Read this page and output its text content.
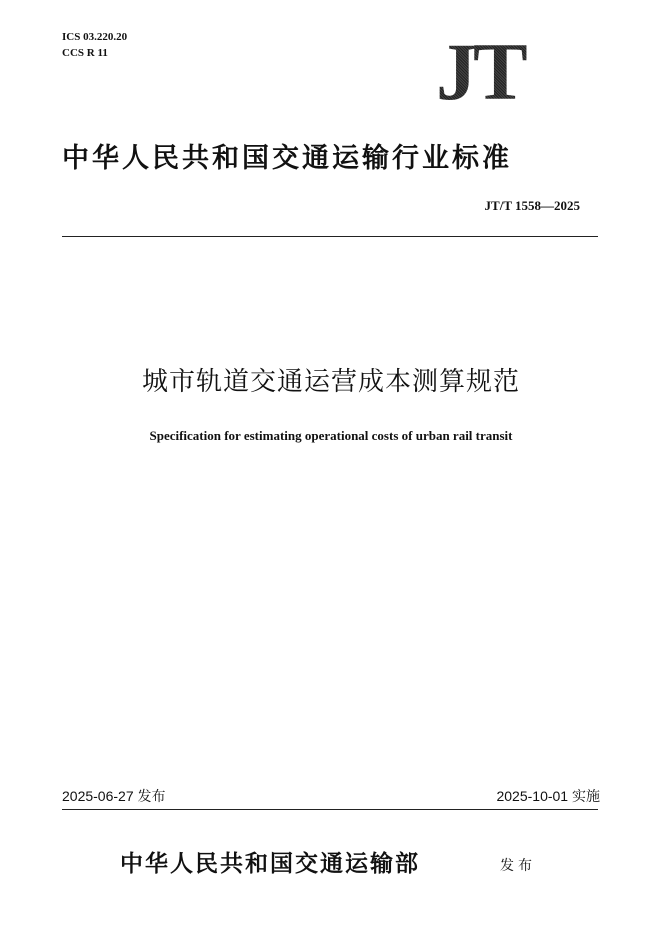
ICS 03.220.20
CCS R 11	JT
中华人民共和国交通运输行业标准
JT/T 1558—2025
城市轨道交通运营成本测算规范
Specification for estimating operational costs of urban rail transit
2025-06-27 发布	2025-10-01 实施
中华人民共和国交通运输部	发布
